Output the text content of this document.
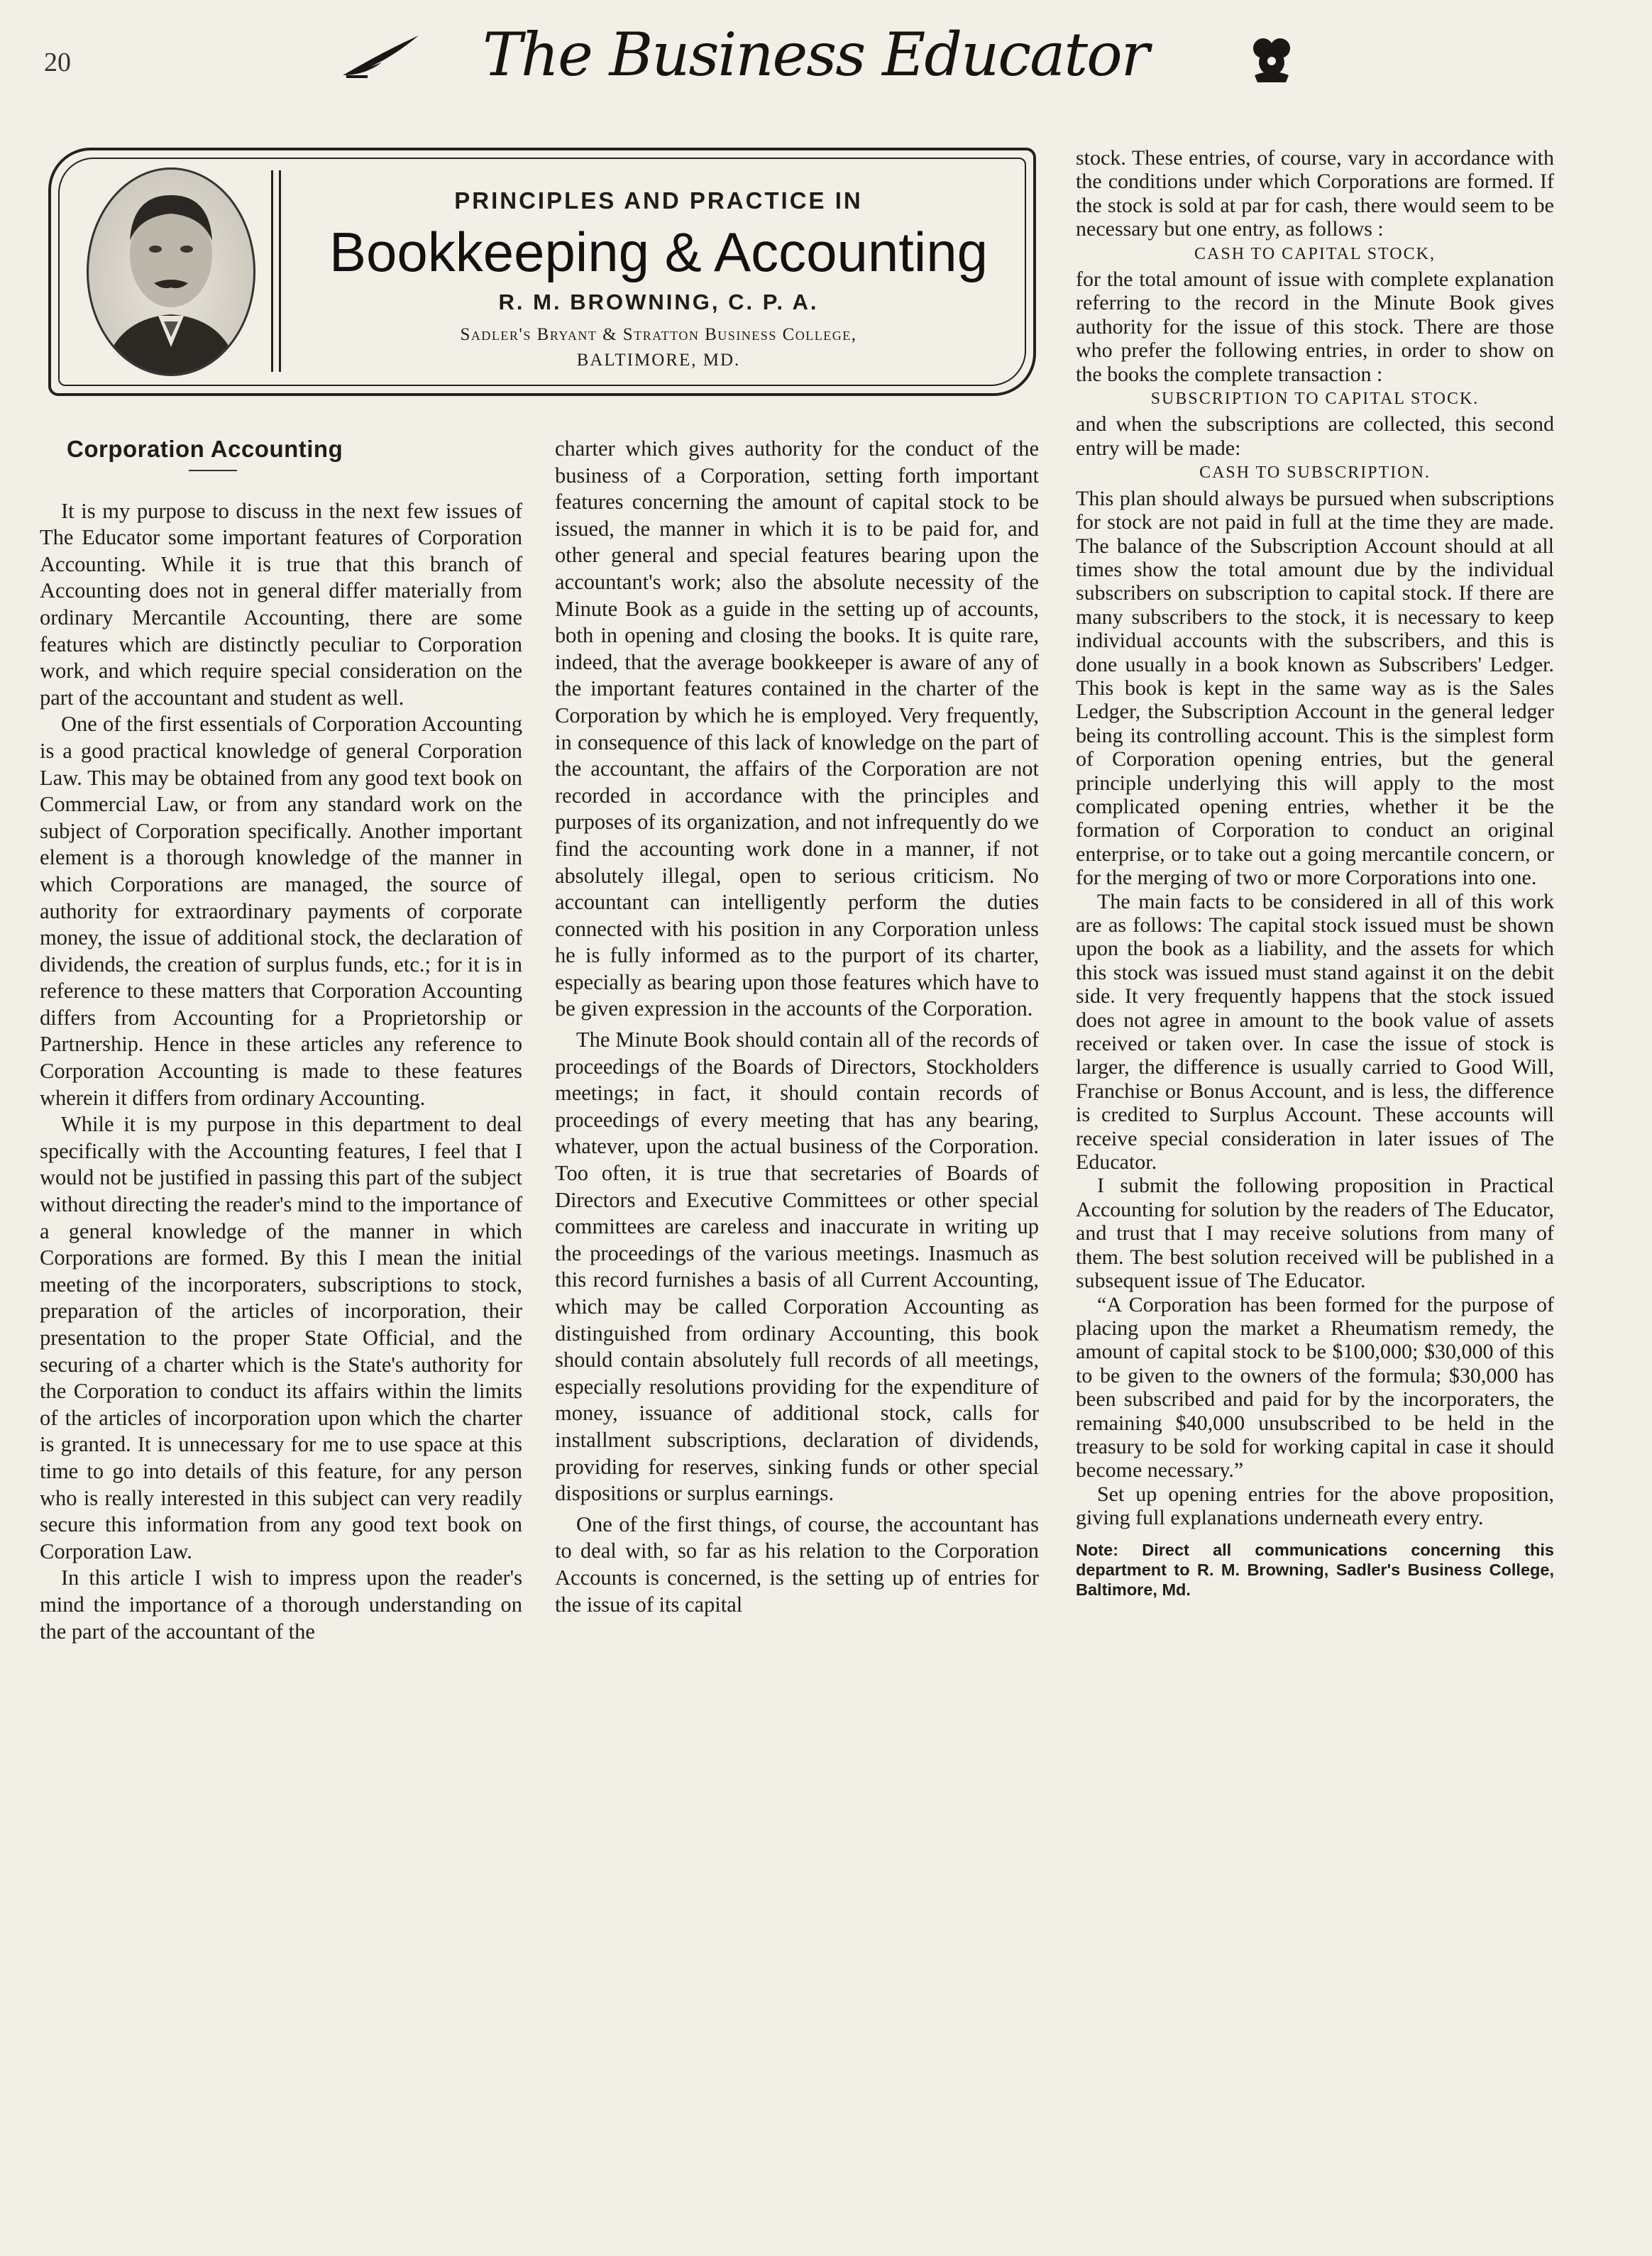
20	The Business Educator
PRINCIPLES AND PRACTICE IN
Bookkeeping & Accounting
R. M. BROWNING, C. P. A.
Sadler's Bryant & Stratton Business College,
BALTIMORE, MD.
Corporation Accounting

It is my purpose to discuss in the next few issues of The Educator some important features of Corporation Accounting. While it is true that this branch of Accounting does not in general differ materially from ordinary Mercantile Accounting, there are some features which are distinctly peculiar to Corporation work, and which require special consideration on the part of the accountant and student as well.

One of the first essentials of Corporation Accounting is a good practical knowledge of general Corporation Law. This may be obtained from any good text book on Commercial Law, or from any standard work on the subject of Corporation specifically. Another important element is a thorough knowledge of the manner in which Corporations are managed, the source of authority for extraordinary payments of corporate money, the issue of additional stock, the declaration of dividends, the creation of surplus funds, etc.; for it is in reference to these matters that Corporation Accounting differs from Accounting for a Proprietorship or Partnership. Hence in these articles any reference to Corporation Accounting is made to these features wherein it differs from ordinary Accounting.

While it is my purpose in this department to deal specifically with the Accounting features, I feel that I would not be justified in passing this part of the subject without directing the reader's mind to the importance of a general knowledge of the manner in which Corporations are formed. By this I mean the initial meeting of the incorporaters, subscriptions to stock, preparation of the articles of incorporation, their presentation to the proper State Official, and the securing of a charter which is the State's authority for the Corporation to conduct its affairs within the limits of the articles of incorporation upon which the charter is granted. It is unnecessary for me to use space at this time to go into details of this feature, for any person who is really interested in this subject can very readily secure this information from any good text book on Corporation Law.

In this article I wish to impress upon the reader's mind the importance of a thorough understanding on the part of the accountant of the

charter which gives authority for the conduct of the business of a Corporation, setting forth important features concerning the amount of capital stock to be issued, the manner in which it is to be paid for, and other general and special features bearing upon the accountant's work; also the absolute necessity of the Minute Book as a guide in the setting up of accounts, both in opening and closing the books. It is quite rare, indeed, that the average bookkeeper is aware of any of the important features contained in the charter of the Corporation by which he is employed. Very frequently, in consequence of this lack of knowledge on the part of the accountant, the affairs of the Corporation are not recorded in accordance with the principles and purposes of its organization, and not infrequently do we find the accounting work done in a manner, if not absolutely illegal, open to serious criticism. No accountant can intelligently perform the duties connected with his position in any Corporation unless he is fully informed as to the purport of its charter, especially as bearing upon those features which have to be given expression in the accounts of the Corporation.

The Minute Book should contain all of the records of proceedings of the Boards of Directors, Stockholders meetings; in fact, it should contain records of proceedings of every meeting that has any bearing, whatever, upon the actual business of the Corporation. Too often, it is true that secretaries of Boards of Directors and Executive Committees or other special committees are careless and inaccurate in writing up the proceedings of the various meetings. Inasmuch as this record furnishes a basis of all Current Accounting, which may be called Corporation Accounting as distinguished from ordinary Accounting, this book should contain absolutely full records of all meetings, especially resolutions providing for the expenditure of money, issuance of additional stock, calls for installment subscriptions, declaration of dividends, providing for reserves, sinking funds or other special dispositions or surplus earnings.

One of the first things, of course, the accountant has to deal with, so far as his relation to the Corporation Accounts is concerned, is the setting up of entries for the issue of its capital

stock. These entries, of course, vary in accordance with the conditions under which Corporations are formed. If the stock is sold at par for cash, there would seem to be necessary but one entry, as follows :

CASH TO CAPITAL STOCK,

for the total amount of issue with complete explanation referring to the record in the Minute Book gives authority for the issue of this stock. There are those who prefer the following entries, in order to show on the books the complete transaction :

SUBSCRIPTION TO CAPITAL STOCK.

and when the subscriptions are collected, this second entry will be made:

CASH TO SUBSCRIPTION.

This plan should always be pursued when subscriptions for stock are not paid in full at the time they are made. The balance of the Subscription Account should at all times show the total amount due by the individual subscribers on subscription to capital stock. If there are many subscribers to the stock, it is necessary to keep individual accounts with the subscribers, and this is done usually in a book known as Subscribers' Ledger. This book is kept in the same way as is the Sales Ledger, the Subscription Account in the general ledger being its controlling account. This is the simplest form of Corporation opening entries, but the general principle underlying this will apply to the most complicated opening entries, whether it be the formation of Corporation to conduct an original enterprise, or to take out a going mercantile concern, or for the merging of two or more Corporations into one.

The main facts to be considered in all of this work are as follows: The capital stock issued must be shown upon the book as a liability, and the assets for which this stock was issued must stand against it on the debit side. It very frequently happens that the stock issued does not agree in amount to the book value of assets received or taken over. In case the issue of stock is larger, the difference is usually carried to Good Will, Franchise or Bonus Account, and is less, the difference is credited to Surplus Account. These accounts will receive special consideration in later issues of The Educator.

I submit the following proposition in Practical Accounting for solution by the readers of The Educator, and trust that I may receive solutions from many of them. The best solution received will be published in a subsequent issue of The Educator.

“A Corporation has been formed for the purpose of placing upon the market a Rheumatism remedy, the amount of capital stock to be $100,000; $30,000 of this to be given to the owners of the formula; $30,000 has been subscribed and paid for by the incorporaters, the remaining $40,000 unsubscribed to be held in the treasury to be sold for working capital in case it should become necessary.”

Set up opening entries for the above proposition, giving full explanations underneath every entry.

Note: Direct all communications concerning this department to R. M. Browning, Sadler's Business College, Baltimore, Md.
